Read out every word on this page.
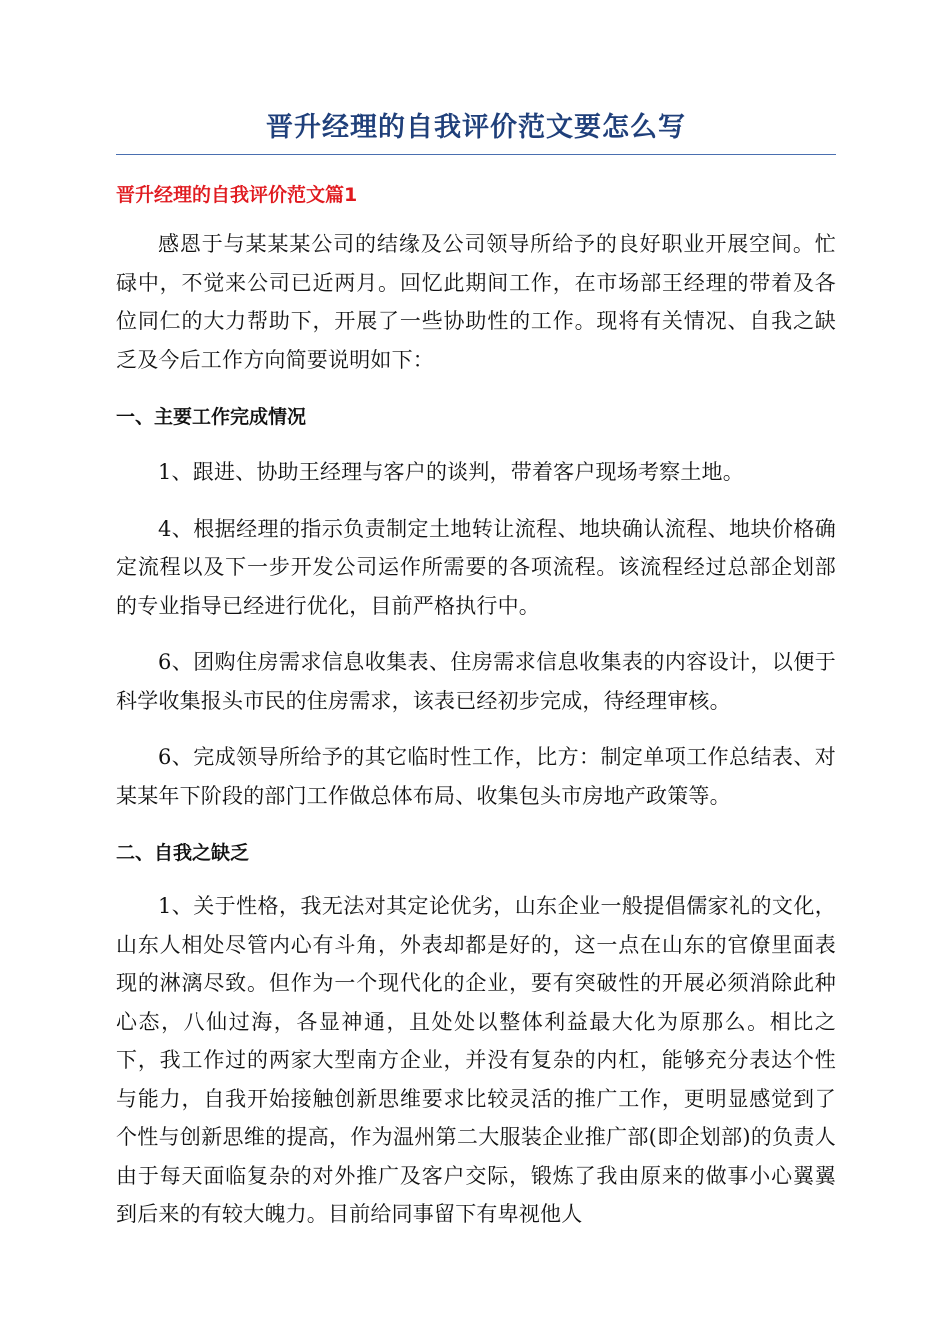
晋升经理的自我评价范文要怎么写
晋升经理的自我评价范文篇1

感恩于与某某某公司的结缘及公司领导所给予的良好职业开展空间。忙碌中，不觉来公司已近两月。回忆此期间工作，在市场部王经理的带着及各位同仁的大力帮助下，开展了一些协助性的工作。现将有关情况、自我之缺乏及今后工作方向简要说明如下：

一、主要工作完成情况

1、跟进、协助王经理与客户的谈判，带着客户现场考察土地。

4、根据经理的指示负责制定土地转让流程、地块确认流程、地块价格确定流程以及下一步开发公司运作所需要的各项流程。该流程经过总部企划部的专业指导已经进行优化，目前严格执行中。

6、团购住房需求信息收集表、住房需求信息收集表的内容设计，以便于科学收集报头市民的住房需求，该表已经初步完成，待经理审核。

6、完成领导所给予的其它临时性工作，比方：制定单项工作总结表、对某某年下阶段的部门工作做总体布局、收集包头市房地产政策等。

二、自我之缺乏

1、关于性格，我无法对其定论优劣，山东企业一般提倡儒家礼的文化，山东人相处尽管内心有斗角，外表却都是好的，这一点在山东的官僚里面表现的淋漓尽致。但作为一个现代化的企业，要有突破性的开展必须消除此种心态，八仙过海，各显神通，且处处以整体利益最大化为原那么。相比之下，我工作过的两家大型南方企业，并没有复杂的内杠，能够充分表达个性与能力，自我开始接触创新思维要求比较灵活的推广工作，更明显感觉到了个性与创新思维的提高，作为温州第二大服装企业推广部(即企划部)的负责人由于每天面临复杂的对外推广及客户交际，锻炼了我由原来的做事小心翼翼到后来的有较大魄力。目前给同事留下有卑视他人
